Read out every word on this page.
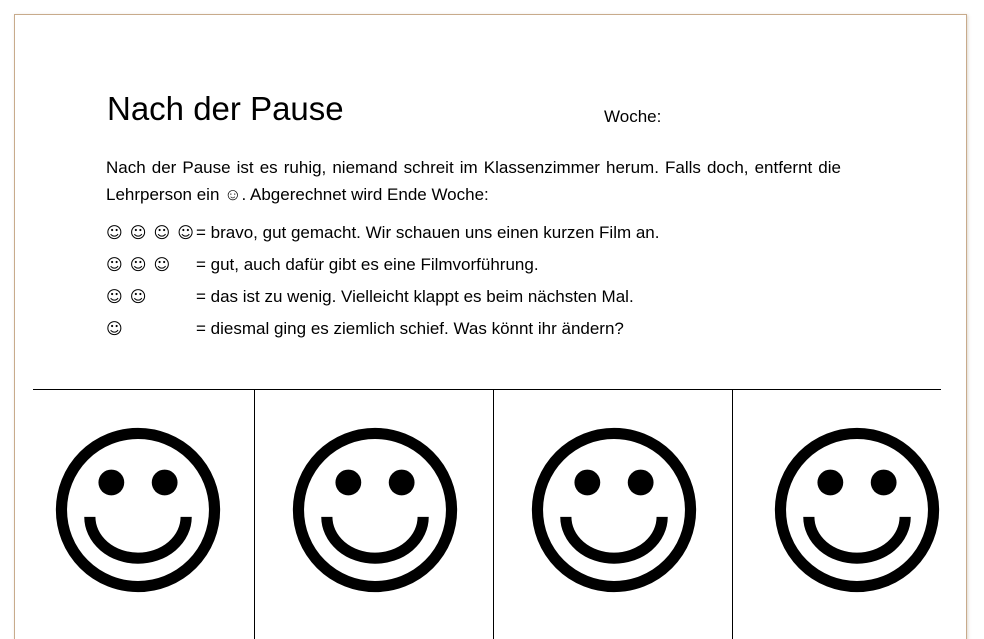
Nach der Pause	Woche:

Nach der Pause ist es ruhig, niemand schreit im Klassenzimmer herum. Falls doch, entfernt die Lehrperson ein ☺. Abgerechnet wird Ende Woche:

☺ ☺ ☺ ☺ = bravo, gut gemacht. Wir schauen uns einen kurzen Film an.
☺ ☺ ☺	= gut, auch dafür gibt es eine Filmvorführung.
☺ ☺	= das ist zu wenig. Vielleicht klappt es beim nächsten Mal.
☺	= diesmal ging es ziemlich schief. Was könnt ihr ändern?
